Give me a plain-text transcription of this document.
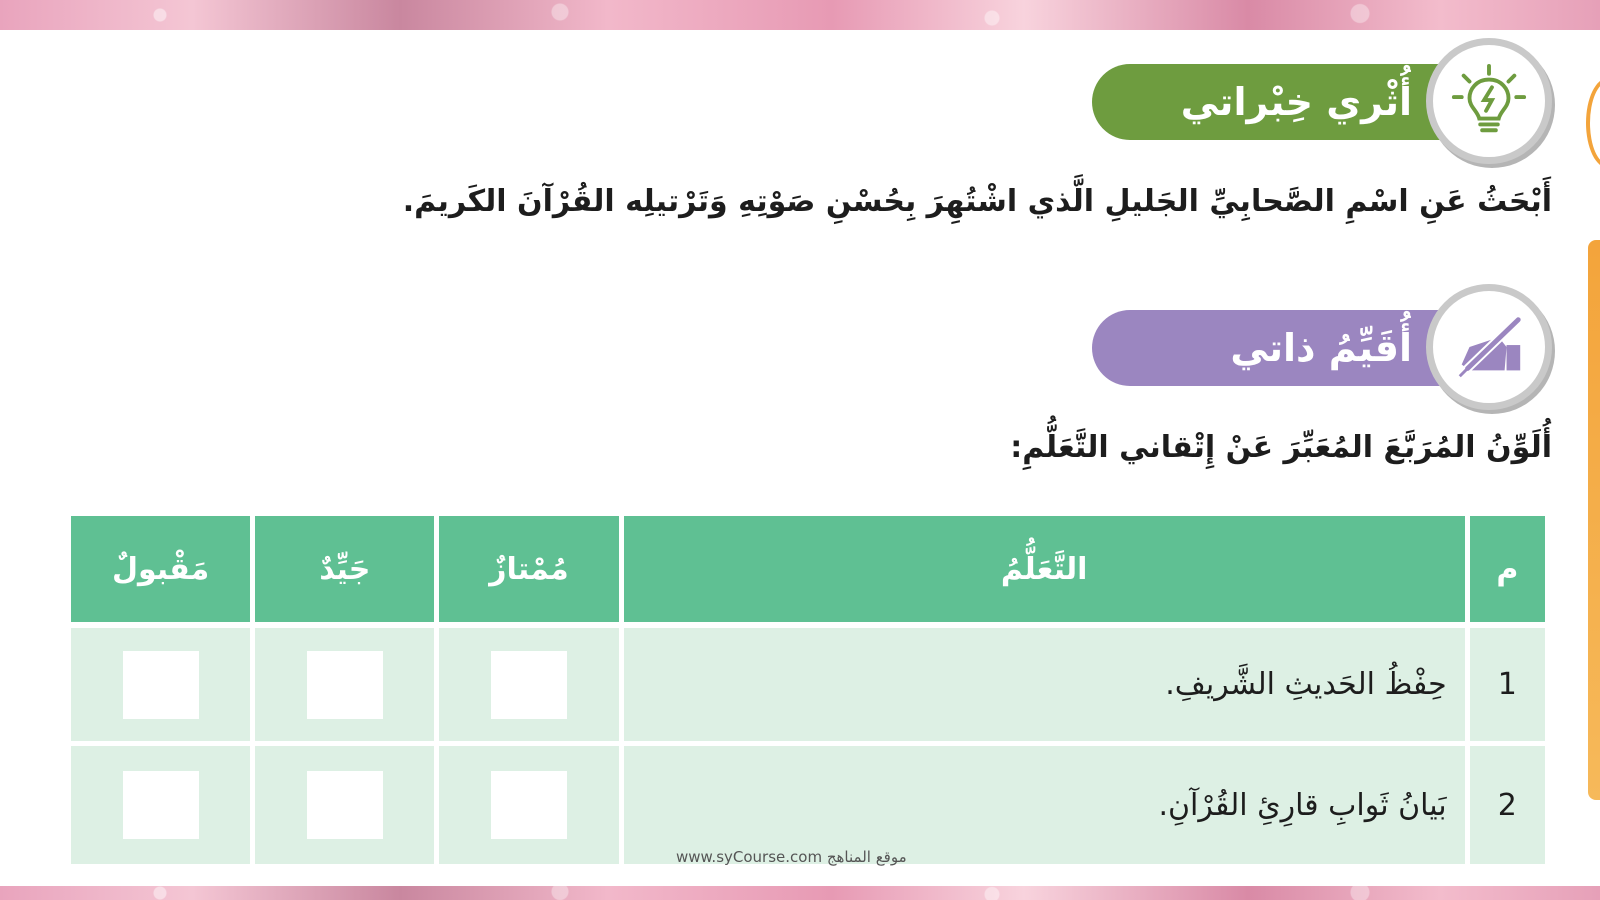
أُثْري خِبْراتي
أَبْحَثُ عَنِ اسْمِ الصَّحابِيِّ الجَليلِ الَّذي اشْتُهِرَ بِحُسْنِ صَوْتِهِ وَتَرْتيلِه القُرْآنَ الكَريمَ.
أُقَيِّمُ ذاتي
أُلَوِّنُ المُرَبَّعَ المُعَبِّرَ عَنْ إِتْقاني التَّعَلُّمِ:
م	التَّعَلُّمُ	مُمْتازٌ	جَيِّدٌ	مَقْبولٌ
1	حِفْظُ الحَديثِ الشَّريفِ.			
2	بَيانُ ثَوابِ قارِئِ القُرْآنِ.			
www.syCourse.com موقع المناهج
